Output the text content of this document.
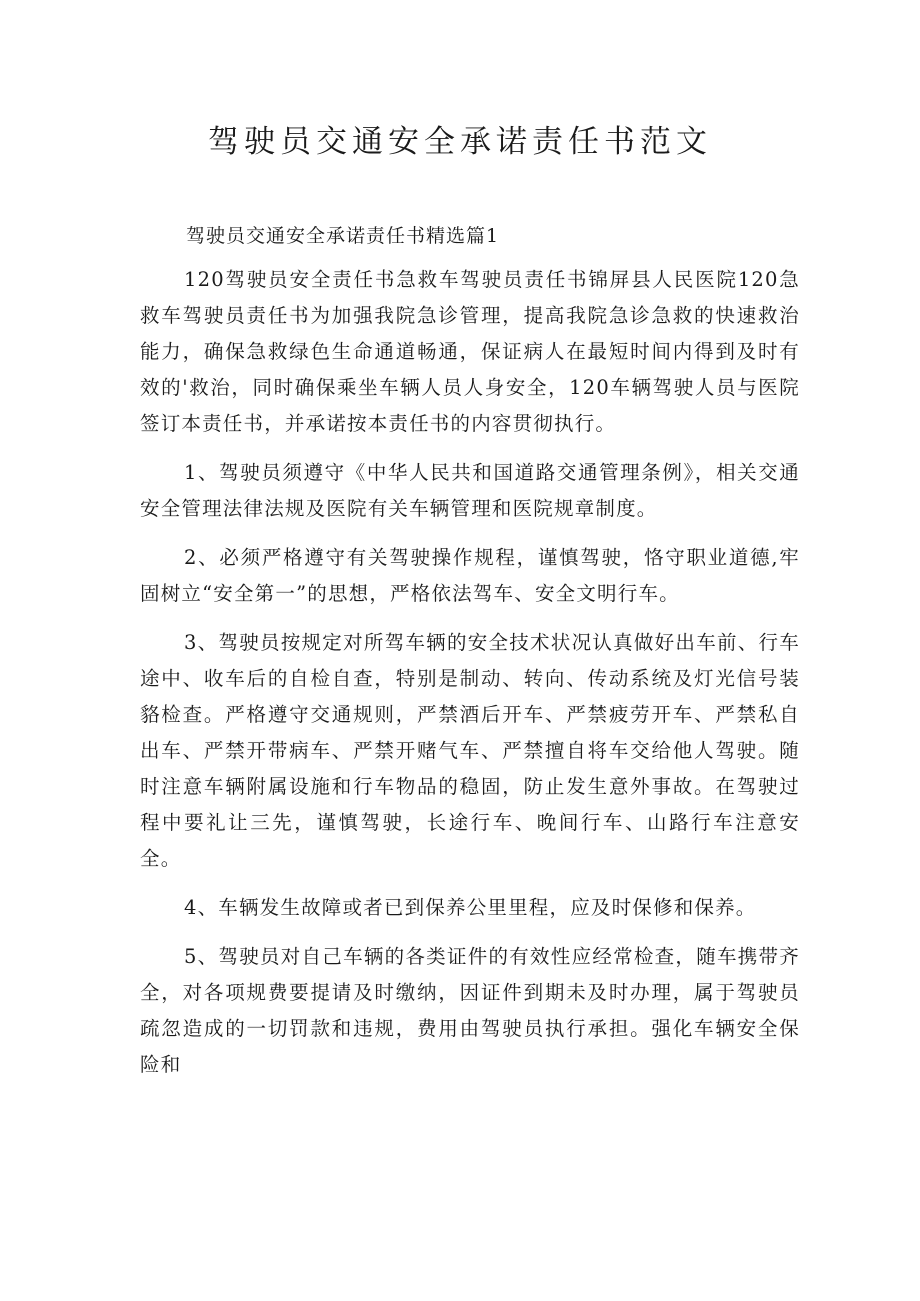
驾驶员交通安全承诺责任书范文

驾驶员交通安全承诺责任书精选篇1

120驾驶员安全责任书急救车驾驶员责任书锦屏县人民医院120急救车驾驶员责任书为加强我院急诊管理，提高我院急诊急救的快速救治能力，确保急救绿色生命通道畅通，保证病人在最短时间内得到及时有效的'救治，同时确保乘坐车辆人员人身安全，120车辆驾驶人员与医院签订本责任书，并承诺按本责任书的内容贯彻执行。

1、驾驶员须遵守《中华人民共和国道路交通管理条例》，相关交通安全管理法律法规及医院有关车辆管理和医院规章制度。

2、必须严格遵守有关驾驶操作规程，谨慎驾驶，恪守职业道德,牢固树立“安全第一”的思想，严格依法驾车、安全文明行车。

3、驾驶员按规定对所驾车辆的安全技术状况认真做好出车前、行车途中、收车后的自检自查，特别是制动、转向、传动系统及灯光信号装貉检查。严格遵守交通规则，严禁酒后开车、严禁疲劳开车、严禁私自出车、严禁开带病车、严禁开赌气车、严禁擅自将车交给他人驾驶。随时注意车辆附属设施和行车物品的稳固，防止发生意外事故。在驾驶过程中要礼让三先，谨慎驾驶，长途行车、晚间行车、山路行车注意安全。

4、车辆发生故障或者已到保养公里里程，应及时保修和保养。

5、驾驶员对自己车辆的各类证件的有效性应经常检查，随车携带齐全，对各项规费要提请及时缴纳，因证件到期未及时办理，属于驾驶员疏忽造成的一切罚款和违规，费用由驾驶员执行承担。强化车辆安全保险和
